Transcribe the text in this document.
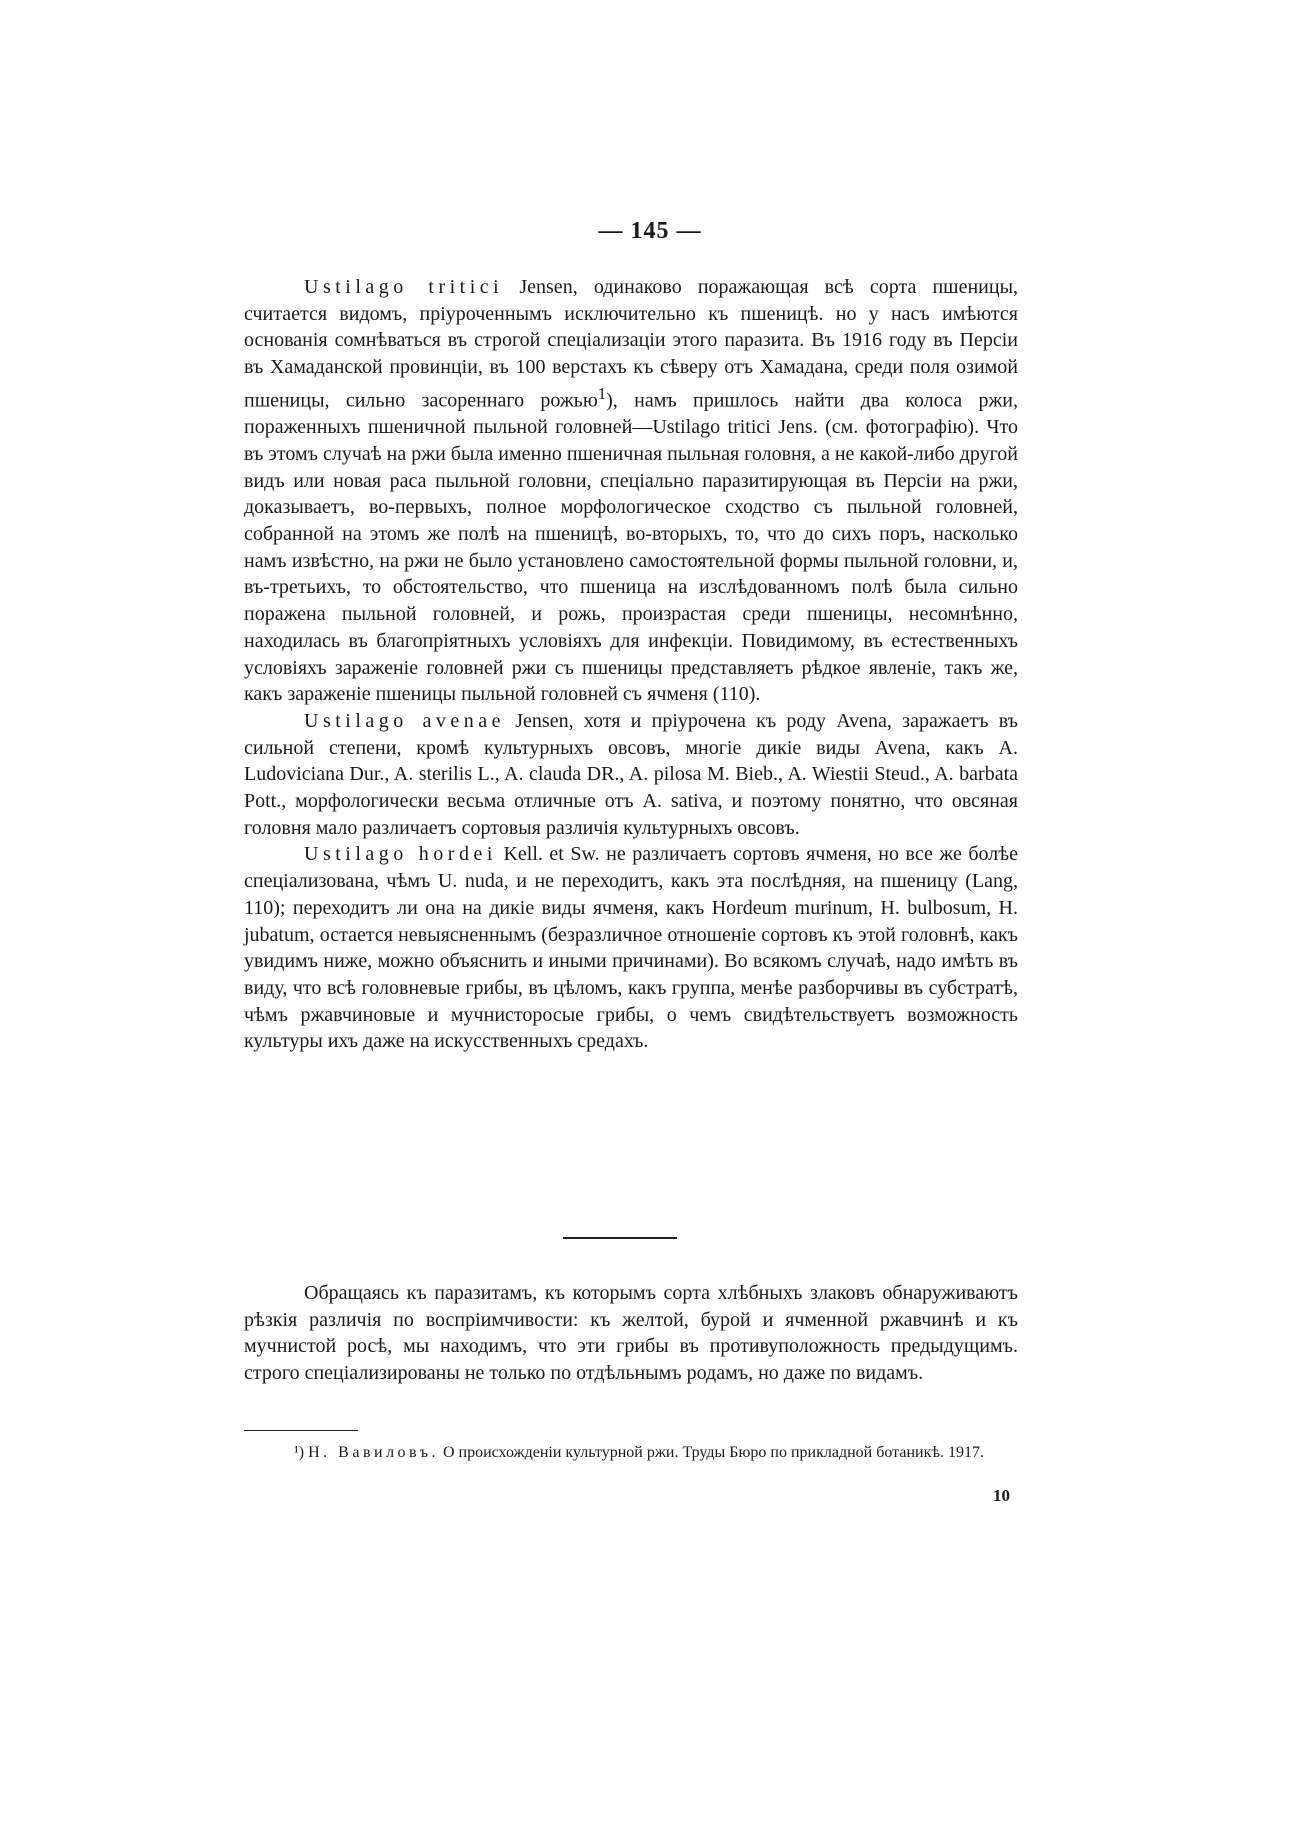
— 145 —

Ustilago tritici Jensen, одинаково поражающая всѣ сорта пшеницы, считается видомъ, пріуроченнымъ исключительно къ пшеницѣ. но у насъ имѣются основанія сомнѣваться въ строгой спеціализаціи этого паразита. Въ 1916 году въ Персіи въ Хамаданской провинціи, въ 100 верстахъ къ сѣверу отъ Хамадана, среди поля озимой пшеницы, сильно засореннаго рожью$^1$), намъ пришлось найти два колоса ржи, пораженныхъ пшеничной пыльной головней—Ustilago tritici Jens. (см. фотографію). Что въ этомъ случаѣ на ржи была именно пшеничная пыльная головня, а не какой-либо другой видъ или новая раса пыльной головни, спеціально паразитирующая въ Персіи на ржи, доказываетъ, во-первыхъ, полное морфологическое сходство съ пыльной головней, собранной на этомъ же полѣ на пшеницѣ, во-вторыхъ, то, что до сихъ поръ, насколько намъ извѣстно, на ржи не было установлено самостоятельной формы пыльной головни, и, въ-третьихъ, то обстоятельство, что пшеница на изслѣдованномъ полѣ была сильно поражена пыльной головней, и рожь, произрастая среди пшеницы, несомнѣнно, находилась въ благопріятныхъ условіяхъ для инфекціи. Повидимому, въ естественныхъ условіяхъ зараженіе головней ржи съ пшеницы представляетъ рѣдкое явленіе, такъ же, какъ зараженіе пшеницы пыльной головней съ ячменя (110).

Ustilago avenae Jensen, хотя и пріурочена къ роду Avena, заражаетъ въ сильной степени, кромѣ культурныхъ овсовъ, многіе дикіе виды Avena, какъ A. Ludoviciana Dur., A. sterilis L., A. clauda DR., A. pilosa M. Bieb., A. Wiestii Steud., A. barbata Pott., морфологически весьма отличные отъ A. sativa, и поэтому понятно, что овсяная головня мало различаетъ сортовыя различія культурныхъ овсовъ.

Ustilago hordei Kell. et Sw. не различаетъ сортовъ ячменя, но все же болѣе спеціализована, чѣмъ U. nuda, и не переходитъ, какъ эта послѣдняя, на пшеницу (Lang, 110); переходитъ ли она на дикіе виды ячменя, какъ Hordeum murinum, H. bulbosum, H. jubatum, остается невыясненнымъ (безразличное отношеніе сортовъ къ этой головнѣ, какъ увидимъ ниже, можно объяснить и иными причинами). Во всякомъ случаѣ, надо имѣть въ виду, что всѣ головневые грибы, въ цѣломъ, какъ группа, менѣе разборчивы въ субстратѣ, чѣмъ ржавчиновые и мучнисторосые грибы, о чемъ свидѣтельствуетъ возможность культуры ихъ даже на искусственныхъ средахъ.

Обращаясь къ паразитамъ, къ которымъ сорта хлѣбныхъ злаковъ обнаруживаютъ рѣзкія различія по воспріимчивости: къ желтой, бурой и ячменной ржавчинѣ и къ мучнистой росѣ, мы находимъ, что эти грибы въ противуположность предыдущимъ. строго спеціализированы не только по отдѣльнымъ родамъ, но даже по видамъ.

¹) Н. Вавиловъ. О происхожденіи культурной ржи. Труды Бюро по прикладной ботаникѣ. 1917.
10
